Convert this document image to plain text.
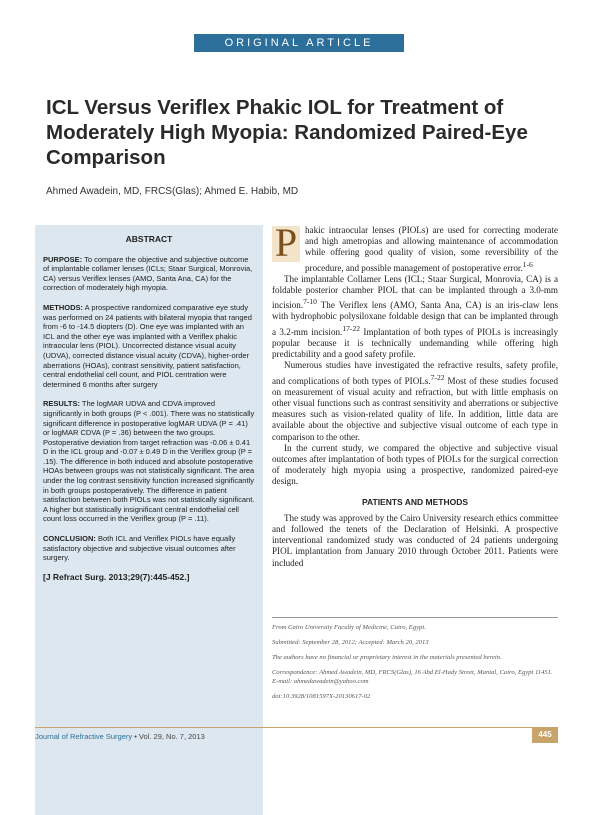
ORIGINAL ARTICLE
ICL Versus Veriflex Phakic IOL for Treatment of Moderately High Myopia: Randomized Paired-Eye Comparison
Ahmed Awadein, MD, FRCS(Glas); Ahmed E. Habib, MD

ABSTRACT

PURPOSE: To compare the objective and subjective outcome of implantable collamer lenses (ICLs; Staar Surgical, Monrovia, CA) versus Veriflex lenses (AMO, Santa Ana, CA) for the correction of moderately high myopia.

METHODS: A prospective randomized comparative eye study was performed on 24 patients with bilateral myopia that ranged from -6 to -14.5 diopters (D). One eye was implanted with an ICL and the other eye was implanted with a Veriflex phakic intraocular lens (PIOL). Uncorrected distance visual acuity (UDVA), corrected distance visual acuity (CDVA), higher-order aberrations (HOAs), contrast sensitivity, patient satisfaction, central endothelial cell count, and PIOL centration were determined 6 months after surgery

RESULTS: The logMAR UDVA and CDVA improved significantly in both groups (P < .001). There was no statistically significant difference in postoperative logMAR UDVA (P = .41) or logMAR CDVA (P = .36) between the two groups. Postoperative deviation from target refraction was -0.06 ± 0.41 D in the ICL group and -0.07 ± 0.49 D in the Veriflex group (P = .15). The difference in both induced and absolute postoperative HOAs between groups was not statistically significant. The area under the log contrast sensitivity function increased significantly in both groups postoperatively. The difference in patient satisfaction between both PIOLs was not statistically significant. A higher but statistically insignificant central endothelial cell count loss occurred in the Veriflex group (P = .11).

CONCLUSION: Both ICL and Veriflex PIOLs have equally satisfactory objective and subjective visual outcomes after surgery.

[J Refract Surg. 2013;29(7):445-452.]

P hakic intraocular lenses (PIOLs) are used for correcting moderate and high ametropias and allowing maintenance of accommodation while offering good quality of vision, some reversibility of the procedure, and possible management of postoperative error.$^{1-6}$

The implantable Collamer Lens (ICL; Staar Surgical, Monrovia, CA) is a foldable posterior chamber PIOL that can be implanted through a 3.0-mm incision.$^{7-10}$ The Veriflex lens (AMO, Santa Ana, CA) is an iris-claw lens with hydrophobic polysiloxane foldable design that can be implanted through a 3.2-mm incision.$^{17-22}$ Implantation of both types of PIOLs is increasingly popular because it is technically undemanding while offering high predictability and a good safety profile.

Numerous studies have investigated the refractive results, safety profile, and complications of both types of PIOLs.$^{7-22}$ Most of these studies focused on measurement of visual acuity and refraction, but with little emphasis on other visual functions such as contrast sensitivity and aberrations or subjective measures such as vision-related quality of life. In addition, little data are available about the objective and subjective visual outcome of each type in comparison to the other.

In the current study, we compared the objective and subjective visual outcomes after implantation of both types of PIOLs for the surgical correction of moderately high myopia using a prospective, randomized paired-eye design.

PATIENTS AND METHODS

The study was approved by the Cairo University research ethics committee and followed the tenets of the Declaration of Helsinki. A prospective interventional randomized study was conducted of 24 patients undergoing PIOL implantation from January 2010 through October 2011. Patients were included

From Cairo University Faculty of Medicine, Cairo, Egypt.

Submitted: September 28, 2012; Accepted: March 20, 2013

The authors have no financial or proprietary interest in the materials presented herein.

Correspondence: Ahmed Awadein, MD, FRCS(Glas), 16 Abd El-Hady Street, Manial, Cairo, Egypt 11451. E-mail: ahmedawadein@yahoo.com

doi:10.3928/1081597X-20130617-02

Journal of Refractive Surgery • Vol. 29, No. 7, 2013	445
